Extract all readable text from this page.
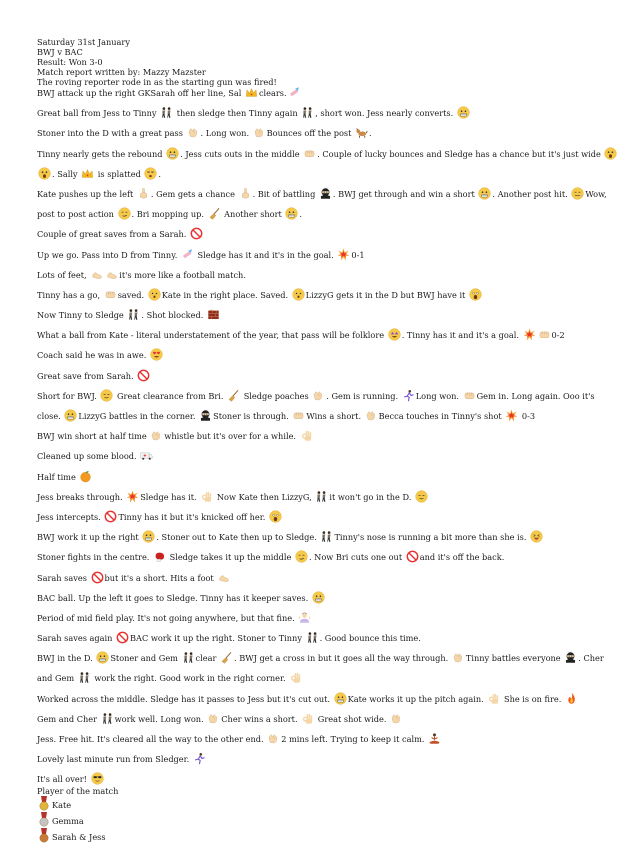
Saturday 31st January
BWJ v BAC
Result: Won 3-0
Match report written by: Mazzy Mazster
The roving reporter rode in as the starting gun was fired!
BWJ attack up the right GKSarah off her line, Sal
clears.
Great ball from Jess to Tinny
then sledge then Tinny again
, short won. Jess nearly converts.
Stoner into the D with a great pass
. Long won.
Bounces off the post
.
Tinny nearly gets the rebound
. Jess cuts outs in the middle
. Couple of lucky bounces and Sledge has a chance but it's just wide
. Sally
is splatted
.
Kate pushes up the left
. Gem gets a chance
. Bit of battling
. BWJ get through and win a short
. Another post hit.
Wow,
post to post action
. Bri mopping up.
Another short
.
Couple of great saves from a Sarah.
Up we go. Pass into D from Tinny.
Sledge has it and it's in the goal.
0-1
Lots of feet,	it's more like a football match.
Tinny has a go,
saved.
Kate in the right place. Saved.
LizzyG gets it in the D but BWJ have it
Now Tinny to Sledge
. Shot blocked.
What a ball from Kate - literal understatement of the year, that pass will be folklore
. Tinny has it and it's a goal.	0-2
Coach said he was in awe.
Great save from Sarah.
Short for BWJ.
Great clearance from Bri.
Sledge poaches
. Gem is running.
Long won.
Gem in. Long again. Ooo it's
close.
LizzyG battles in the corner.
Stoner is through.
Wins a short.
Becca touches in Tinny's shot
0-3
BWJ win short at half time
whistle but it's over for a while.
Cleaned up some blood.
Half time
Jess breaks through.
Sledge has it.
Now Kate then LizzyG,
it won't go in the D.
Jess intercepts.
Tinny has it but it's knicked off her.
BWJ work it up the right
. Stoner out to Kate then up to Sledge.
Tinny's nose is running a bit more than she is.
Stoner fights in the centre.
Sledge takes it up the middle
. Now Bri cuts one out
and it's off the back.
Sarah saves
but it's a short. Hits a foot
BAC ball. Up the left it goes to Sledge. Tinny has it keeper saves.
Period of mid field play. It's not going anywhere, but that fine.
Sarah saves again
BAC work it up the right. Stoner to Tinny
. Good bounce this time.
BWJ in the D.
Stoner and Gem
clear
. BWJ get a cross in but it goes all the way through.
Tinny battles everyone
. Cher
and Gem
work the right. Good work in the right corner.
Worked across the middle. Sledge has it passes to Jess but it's cut out.
Kate works it up the pitch again.
She is on fire.
Gem and Cher
work well. Long won.
Cher wins a short.
Great shot wide.
Jess. Free hit. It's cleared all the way to the other end.
2 mins left. Trying to keep it calm.
Lovely last minute run from Sledger.
It's all over!
Player of the match
Kate
Gemma
Sarah & Jess
